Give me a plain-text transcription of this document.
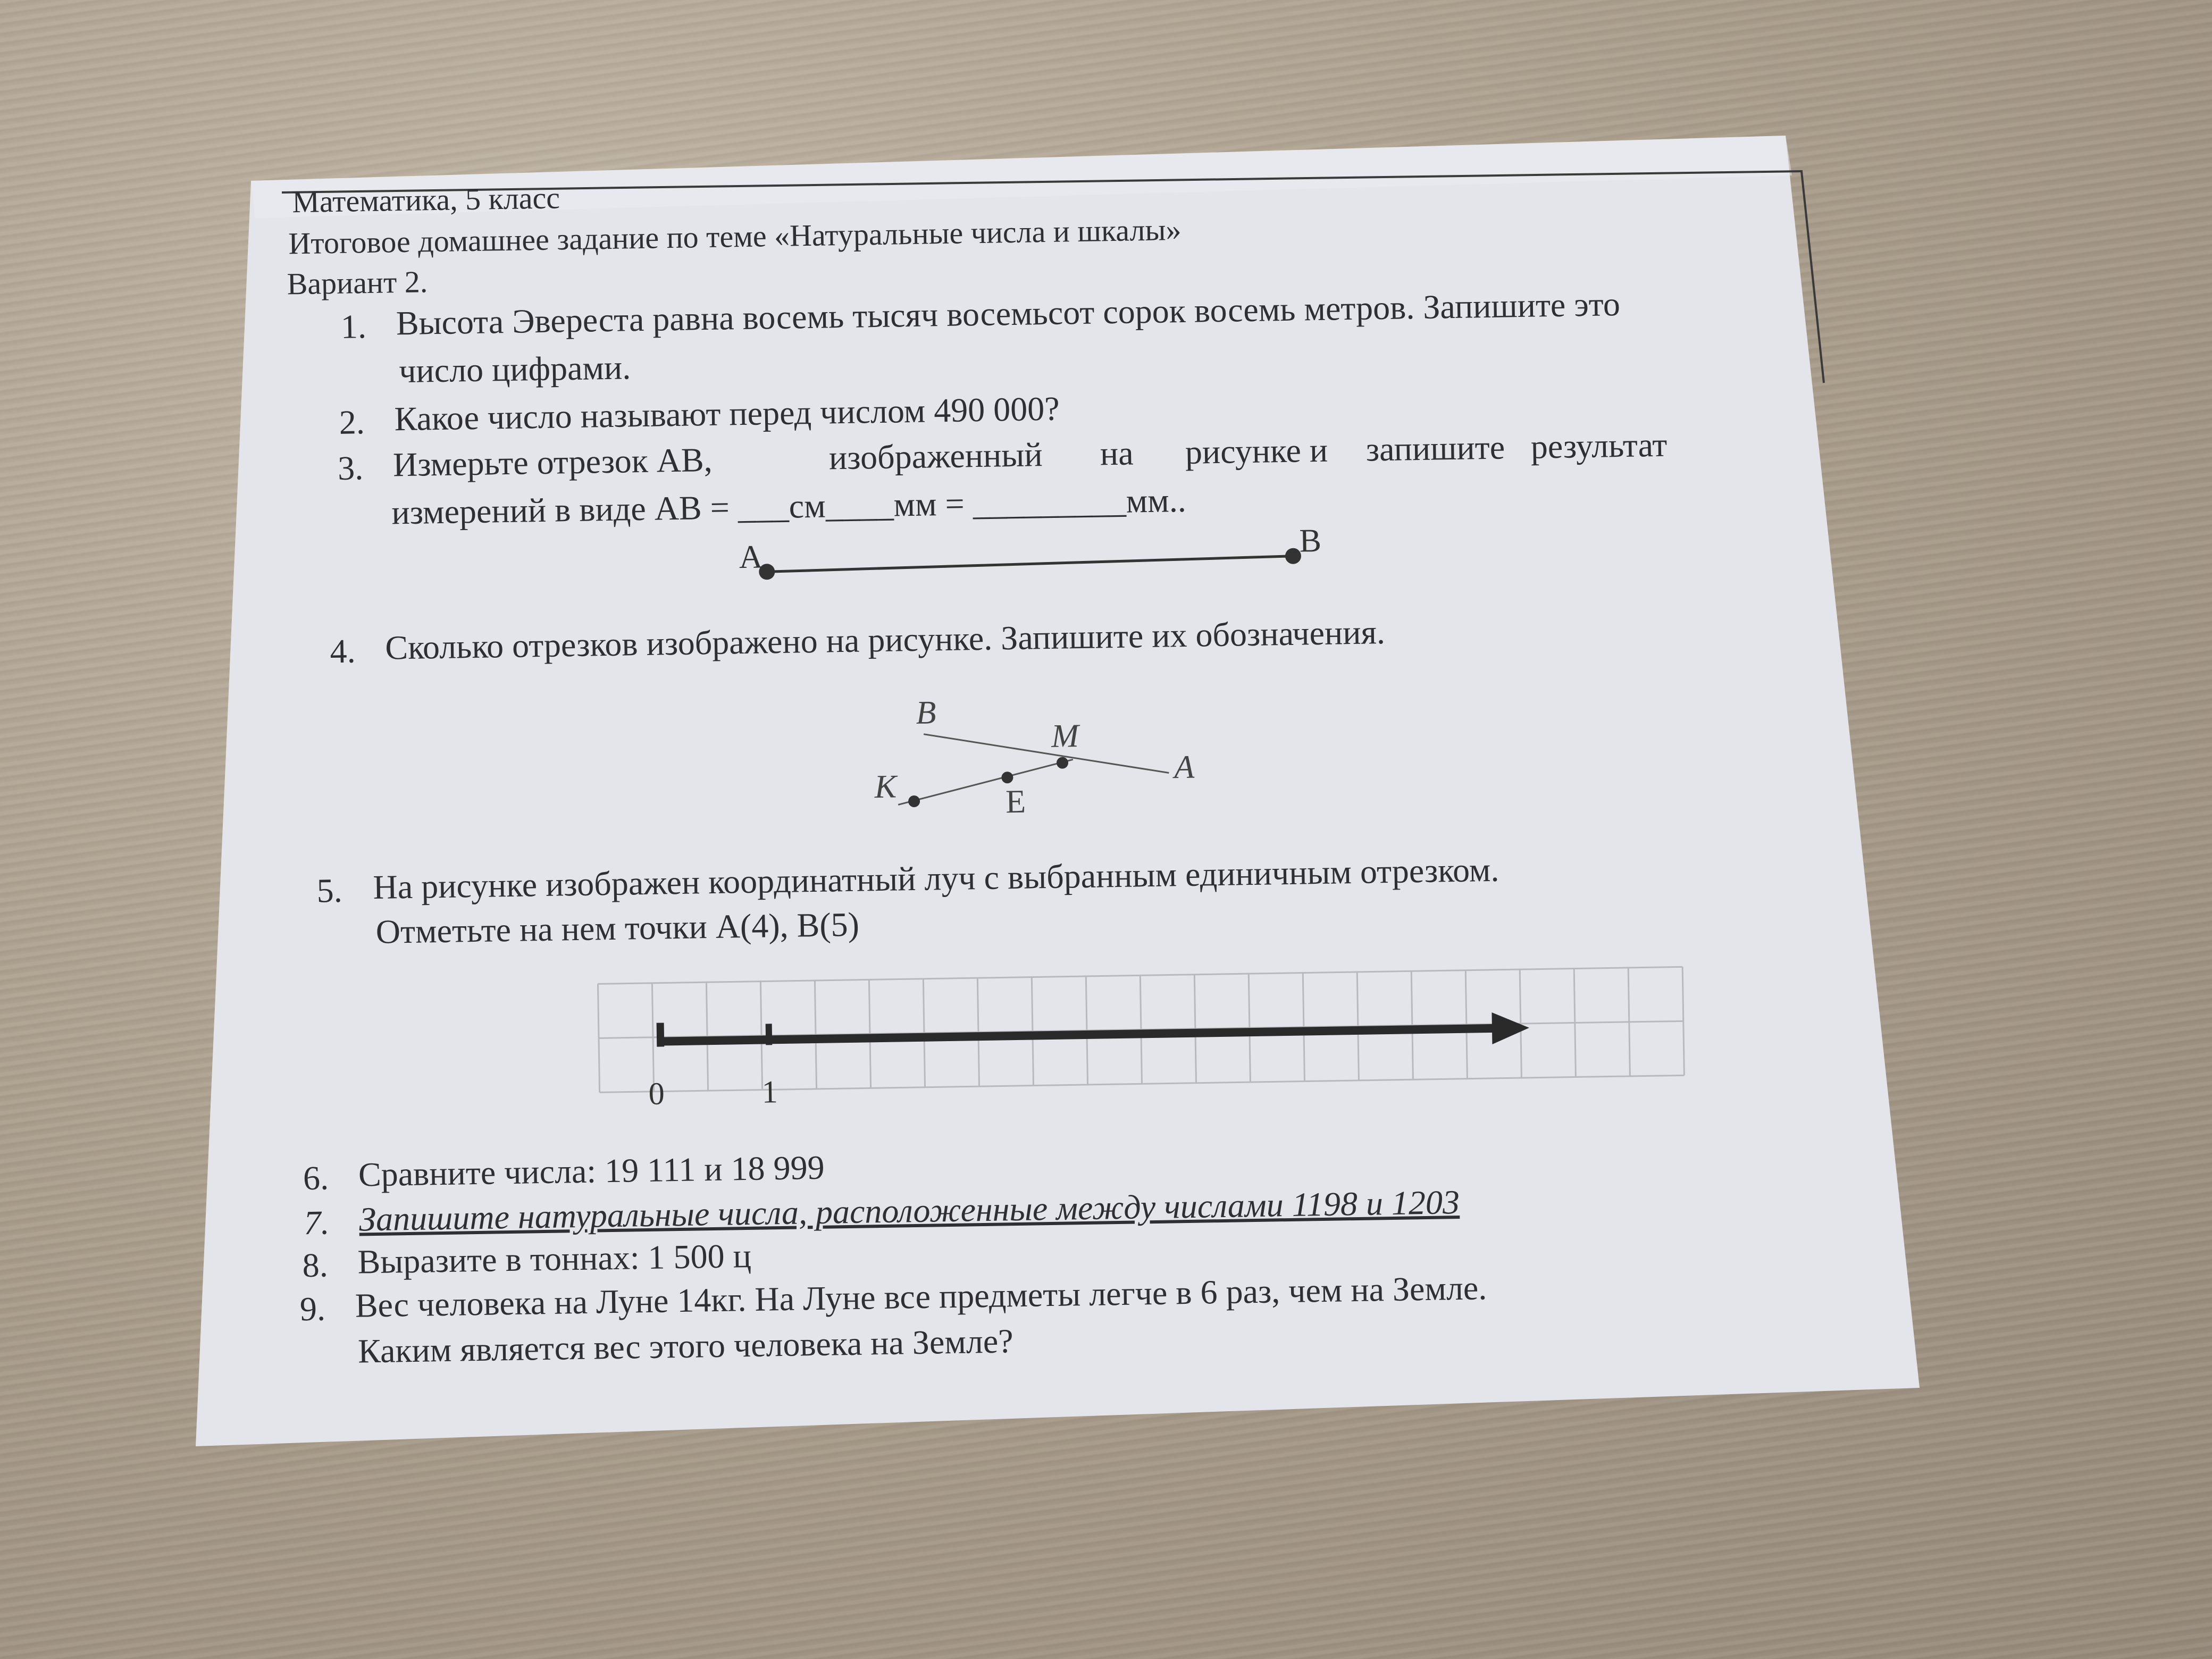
Математика, 5 класс
Итоговое домашнее задание по теме «Натуральные числа и шкалы»
Вариант 2.
1. Высота Эвереста равна восемь тысяч восемьсот сорок восемь метров. Запишите это
число цифрами.
2. Какое число называют перед числом 490 000?
3. Измерьте отрезок АВ,	изображенный на рисунке и запишите результат
измерений в виде АВ = ___см____мм = _________мм..
А	В
4. Сколько отрезков изображено на рисунке. Запишите их обозначения.
B
M
A
K	E
5. На рисунке изображен координатный луч с выбранным единичным отрезком.
Отметьте на нем точки А(4), В(5)
0	1
6. Сравните числа: 19 111 и 18 999
7. Запишите натуральные числа, расположенные между числами 1198 и 1203
8. Выразите в тоннах: 1 500 ц
9. Вес человека на Луне 14кг. На Луне все предметы легче в 6 раз, чем на Земле.
Каким является вес этого человека на Земле?
